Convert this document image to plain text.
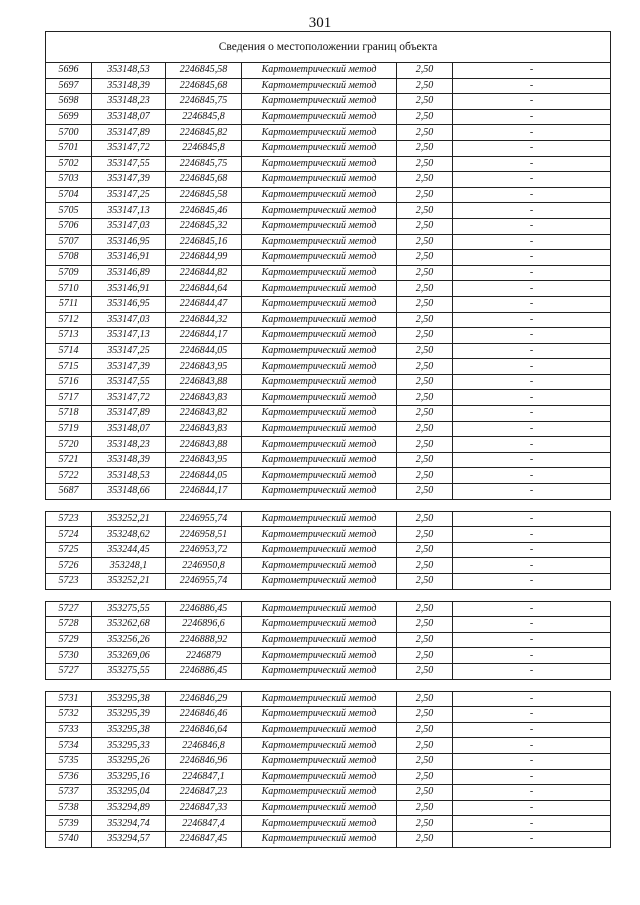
301
Сведения о местоположении границ объекта					
5696	353148,53	2246845,58	Картометрический метод	2,50	-
5697	353148,39	2246845,68	Картометрический метод	2,50	-
5698	353148,23	2246845,75	Картометрический метод	2,50	-
5699	353148,07	2246845,8	Картометрический метод	2,50	-
5700	353147,89	2246845,82	Картометрический метод	2,50	-
5701	353147,72	2246845,8	Картометрический метод	2,50	-
5702	353147,55	2246845,75	Картометрический метод	2,50	-
5703	353147,39	2246845,68	Картометрический метод	2,50	-
5704	353147,25	2246845,58	Картометрический метод	2,50	-
5705	353147,13	2246845,46	Картометрический метод	2,50	-
5706	353147,03	2246845,32	Картометрический метод	2,50	-
5707	353146,95	2246845,16	Картометрический метод	2,50	-
5708	353146,91	2246844,99	Картометрический метод	2,50	-
5709	353146,89	2246844,82	Картометрический метод	2,50	-
5710	353146,91	2246844,64	Картометрический метод	2,50	-
5711	353146,95	2246844,47	Картометрический метод	2,50	-
5712	353147,03	2246844,32	Картометрический метод	2,50	-
5713	353147,13	2246844,17	Картометрический метод	2,50	-
5714	353147,25	2246844,05	Картометрический метод	2,50	-
5715	353147,39	2246843,95	Картометрический метод	2,50	-
5716	353147,55	2246843,88	Картометрический метод	2,50	-
5717	353147,72	2246843,83	Картометрический метод	2,50	-
5718	353147,89	2246843,82	Картометрический метод	2,50	-
5719	353148,07	2246843,83	Картометрический метод	2,50	-
5720	353148,23	2246843,88	Картометрический метод	2,50	-
5721	353148,39	2246843,95	Картометрический метод	2,50	-
5722	353148,53	2246844,05	Картометрический метод	2,50	-
5687	353148,66	2246844,17	Картометрический метод	2,50	-

5723	353252,21	2246955,74	Картометрический метод	2,50	-
5724	353248,62	2246958,51	Картометрический метод	2,50	-
5725	353244,45	2246953,72	Картометрический метод	2,50	-
5726	353248,1	2246950,8	Картометрический метод	2,50	-
5723	353252,21	2246955,74	Картометрический метод	2,50	-

5727	353275,55	2246886,45	Картометрический метод	2,50	-
5728	353262,68	2246896,6	Картометрический метод	2,50	-
5729	353256,26	2246888,92	Картометрический метод	2,50	-
5730	353269,06	2246879	Картометрический метод	2,50	-
5727	353275,55	2246886,45	Картометрический метод	2,50	-

5731	353295,38	2246846,29	Картометрический метод	2,50	-
5732	353295,39	2246846,46	Картометрический метод	2,50	-
5733	353295,38	2246846,64	Картометрический метод	2,50	-
5734	353295,33	2246846,8	Картометрический метод	2,50	-
5735	353295,26	2246846,96	Картометрический метод	2,50	-
5736	353295,16	2246847,1	Картометрический метод	2,50	-
5737	353295,04	2246847,23	Картометрический метод	2,50	-
5738	353294,89	2246847,33	Картометрический метод	2,50	-
5739	353294,74	2246847,4	Картометрический метод	2,50	-
5740	353294,57	2246847,45	Картометрический метод	2,50	-
